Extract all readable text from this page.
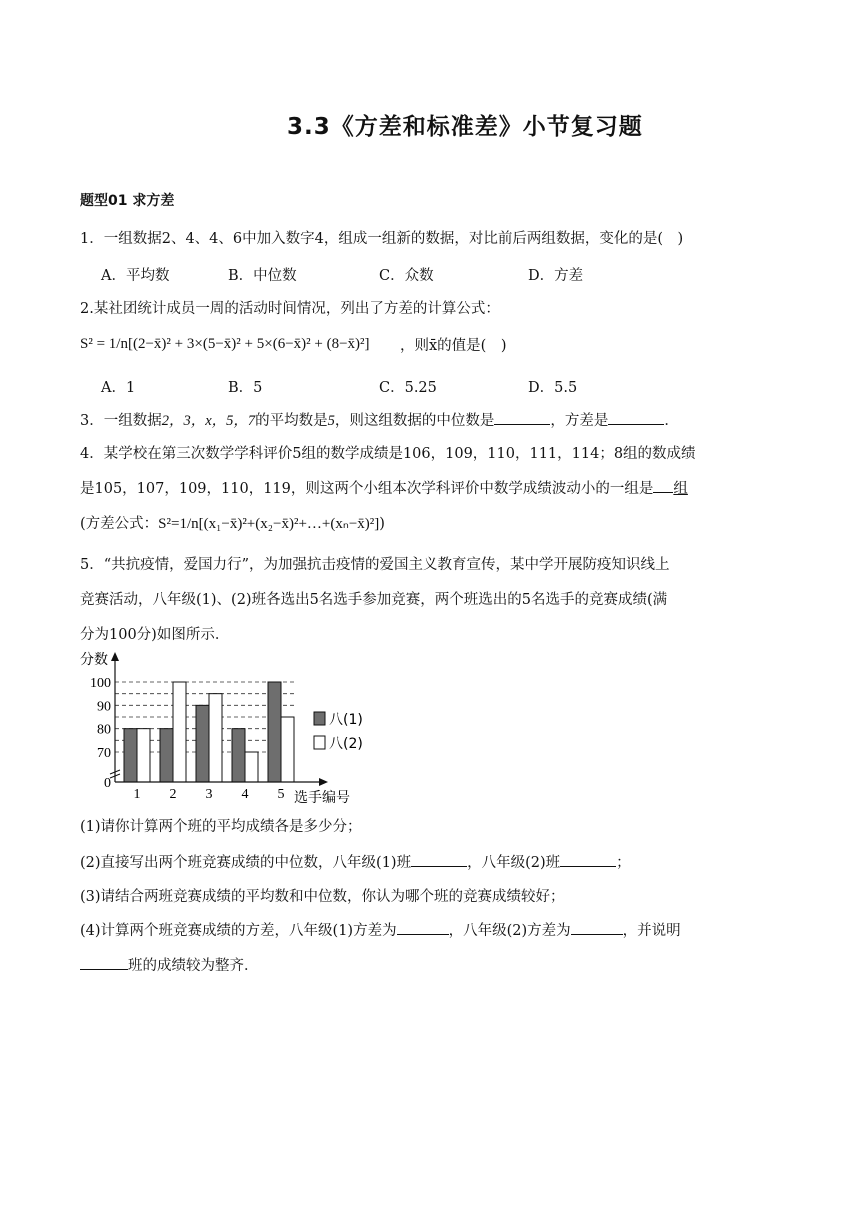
3.3《方差和标准差》小节复习题
题型01 求方差
1．一组数据2、4、4、6中加入数字4，组成一组新的数据，对比前后两组数据，变化的是(　)
A．平均数	B．中位数	C．众数	D．方差
2.某社团统计成员一周的活动时间情况，列出了方差的计算公式：
S² = 1/n[(2−x̄)² + 3×(5−x̄)² + 5×(6−x̄)² + (8−x̄)²] ，则x̄的值是(　)
A．1	B．5	C．5.25	D．5.5
3．一组数据2，3，x，5，7的平均数是5，则这组数据的中位数是	，方差是	．
4．某学校在第三次数学学科评价5组的数学成绩是106，109，110，111，114；8组的数成绩
是105，107，109，110，119，则这两个小组本次学科评价中数学成绩波动小的一组是 组
(方差公式：S²=1/n[(x₁−x̄)²+(x₂−x̄)²+…+(xₙ−x̄)²])
5．“共抗疫情，爱国力行”，为加强抗击疫情的爱国主义教育宣传，某中学开展防疫知识线上
竞赛活动，八年级(1)、(2)班各选出5名选手参加竞赛，两个班选出的5名选手的竞赛成绩(满
分为100分)如图所示．
0
70
80
90
100
1 2 3 4 5
分数
选手编号
八(1)
八(2)
(1)请你计算两个班的平均成绩各是多少分；
(2)直接写出两个班竞赛成绩的中位数，八年级(1)班	，八年级(2)班	；
(3)请结合两班竞赛成绩的平均数和中位数，你认为哪个班的竞赛成绩较好；
(4)计算两个班竞赛成绩的方差，八年级(1)方差为	，八年级(2)方差为	，并说明
班的成绩较为整齐．
